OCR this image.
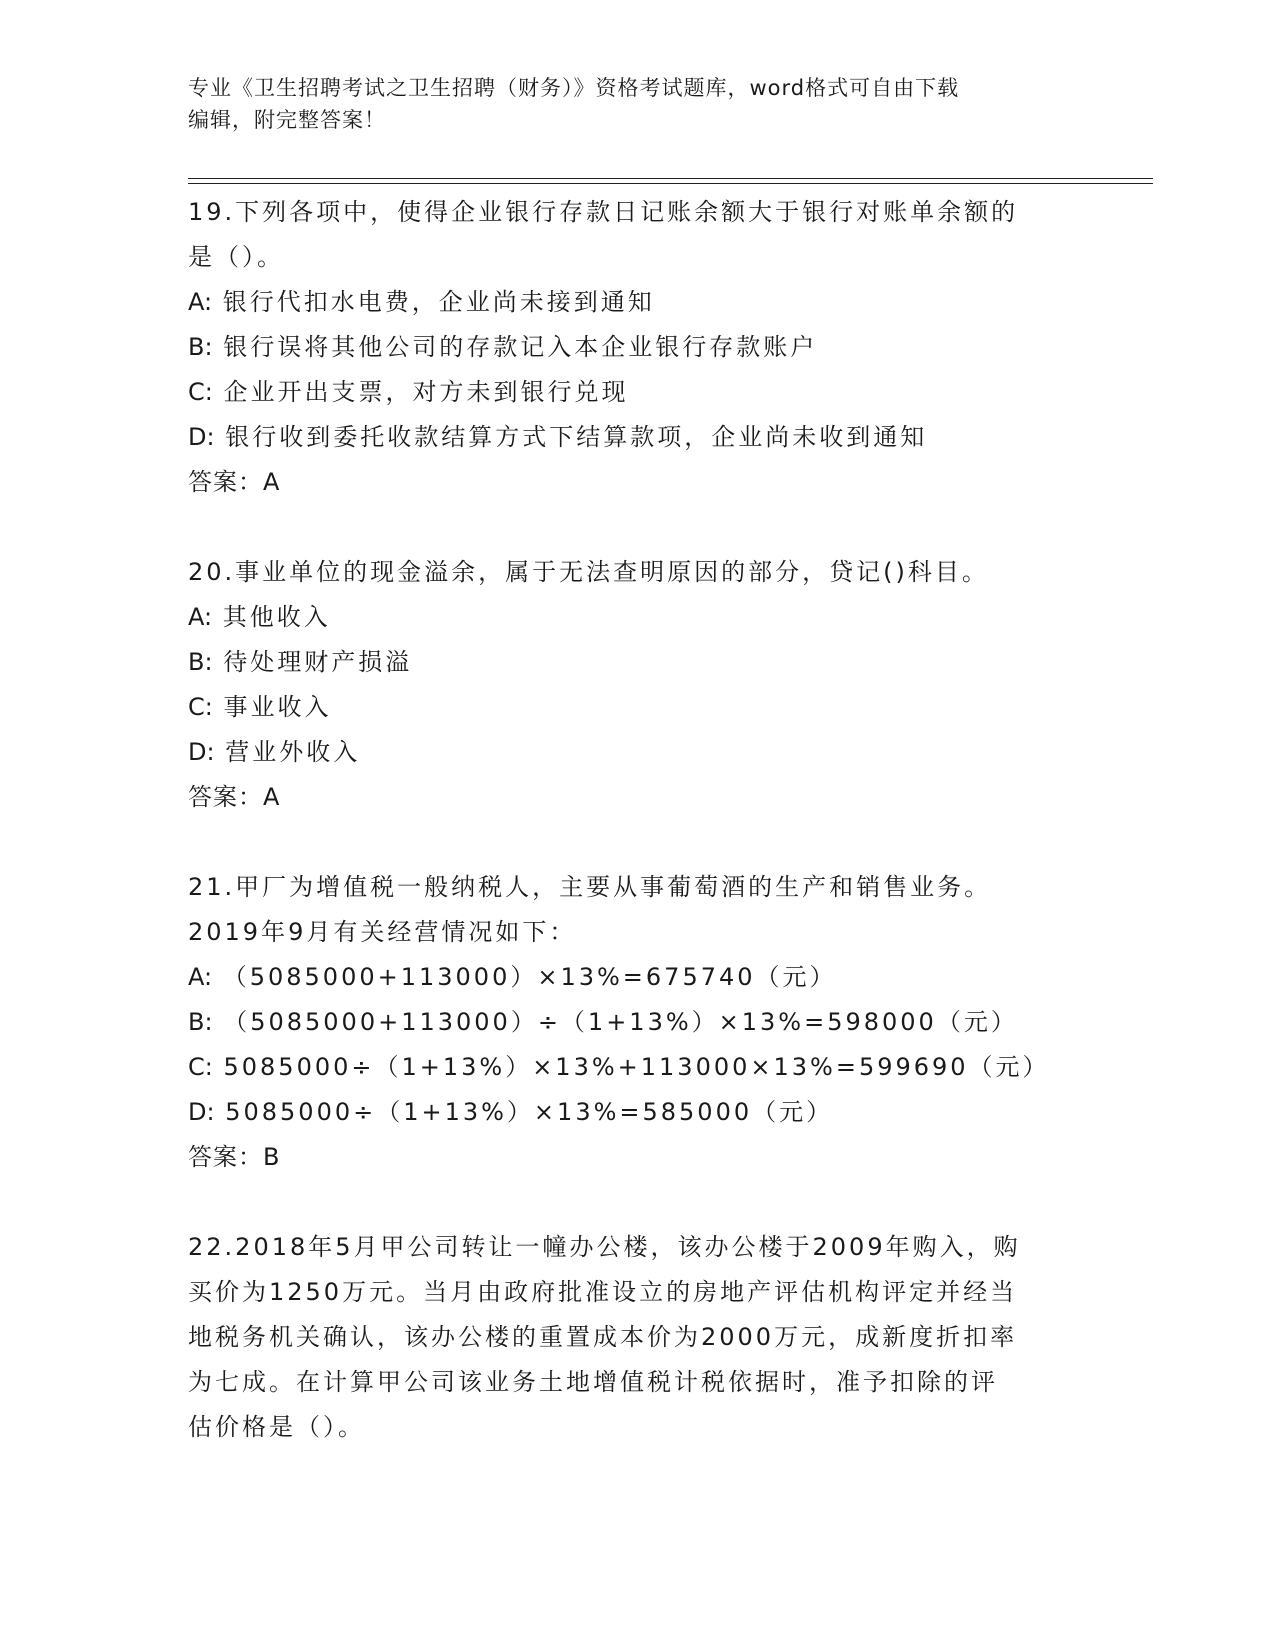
专业《卫生招聘考试之卫生招聘（财务）》资格考试题库，word格式可自由下载
编辑，附完整答案！
19.下列各项中，使得企业银行存款日记账余额大于银行对账单余额的
是（）。
A: 银行代扣水电费，企业尚未接到通知
B: 银行误将其他公司的存款记入本企业银行存款账户
C: 企业开出支票，对方未到银行兑现
D: 银行收到委托收款结算方式下结算款项，企业尚未收到通知
答案：A
20.事业单位的现金溢余，属于无法查明原因的部分，贷记()科目。
A: 其他收入
B: 待处理财产损溢
C: 事业收入
D: 营业外收入
答案：A
21.甲厂为增值税一般纳税人，主要从事葡萄酒的生产和销售业务。
2019年9月有关经营情况如下：
A: （5085000+113000）×13%=675740（元）
B: （5085000+113000）÷（1+13%）×13%=598000（元）
C: 5085000÷（1+13%）×13%+113000×13%=599690（元）
D: 5085000÷（1+13%）×13%=585000（元）
答案：B
22.2018年5月甲公司转让一幢办公楼，该办公楼于2009年购入，购
买价为1250万元。当月由政府批准设立的房地产评估机构评定并经当
地税务机关确认，该办公楼的重置成本价为2000万元，成新度折扣率
为七成。在计算甲公司该业务土地增值税计税依据时，准予扣除的评
估价格是（）。
